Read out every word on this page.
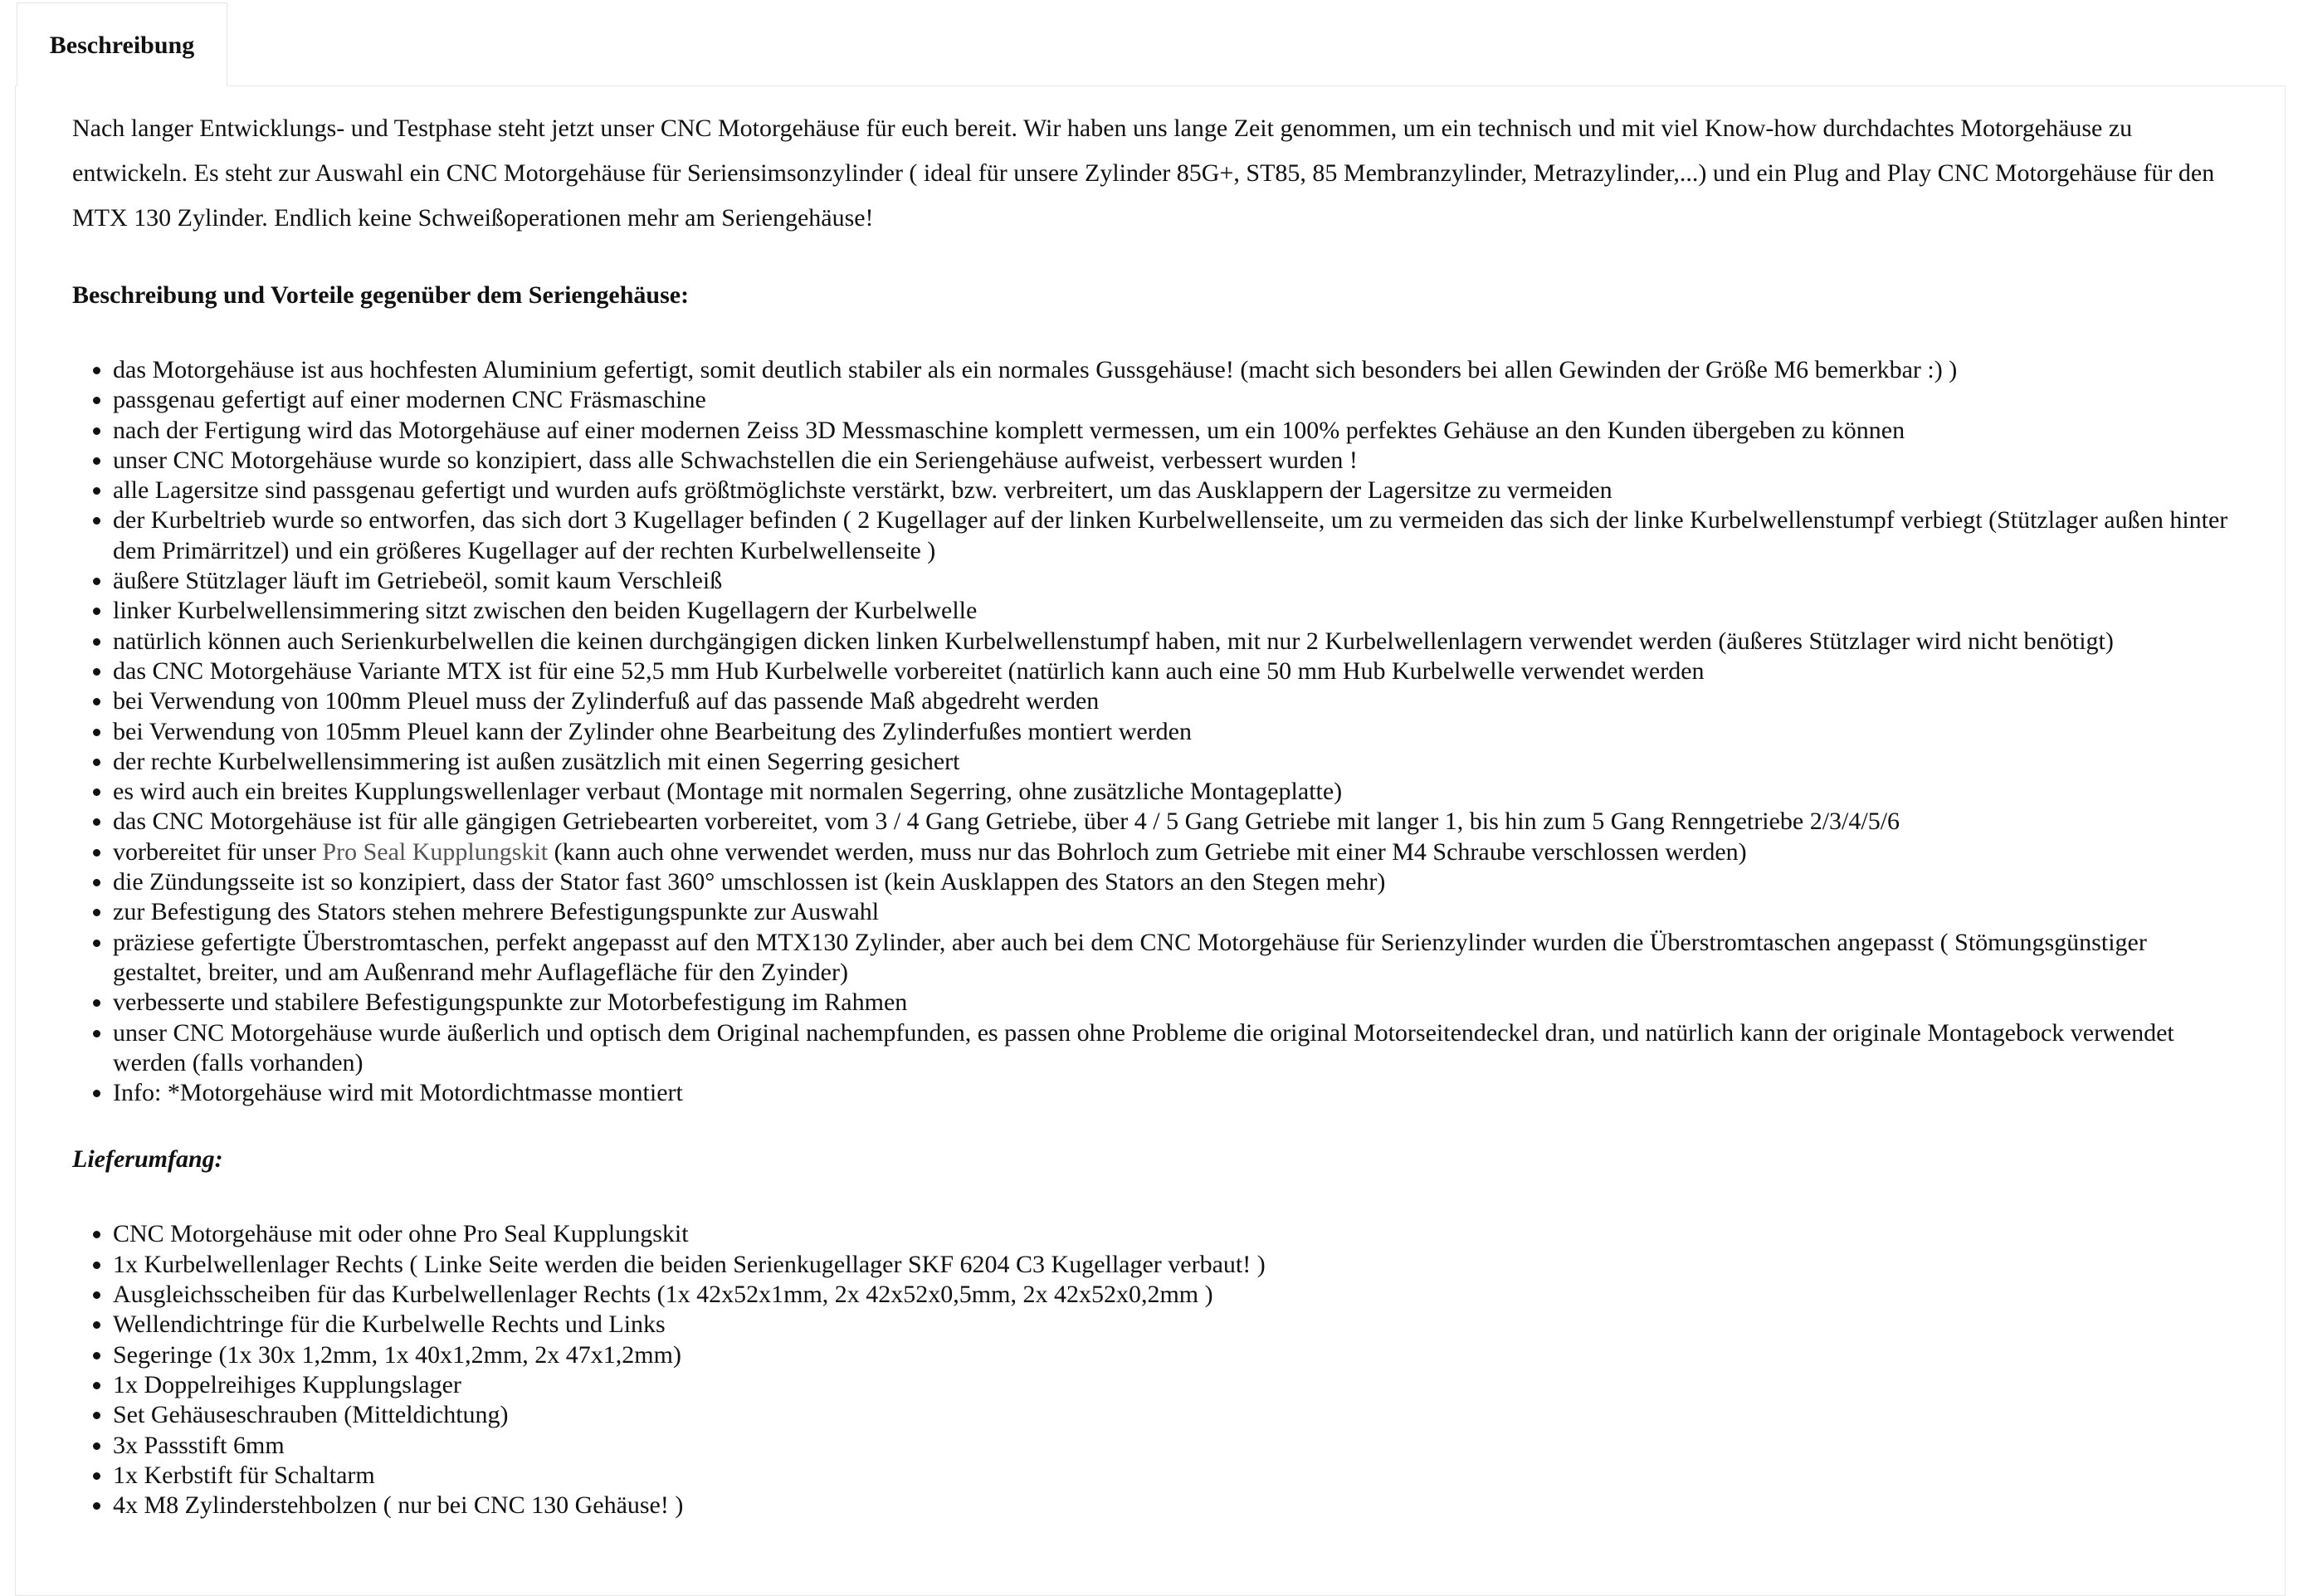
Beschreibung

Nach langer Entwicklungs- und Testphase steht jetzt unser CNC Motorgehäuse für euch bereit. Wir haben uns lange Zeit genommen, um ein technisch und mit viel Know-how durchdachtes Motorgehäuse zu entwickeln. Es steht zur Auswahl ein CNC Motorgehäuse für Seriensimsonzylinder ( ideal für unsere Zylinder 85G+, ST85, 85 Membranzylinder, Metrazylinder,...) und ein Plug and Play CNC Motorgehäuse für den MTX 130 Zylinder. Endlich keine Schweißoperationen mehr am Seriengehäuse!

Beschreibung und Vorteile gegenüber dem Seriengehäuse:

• das Motorgehäuse ist aus hochfesten Aluminium gefertigt, somit deutlich stabiler als ein normales Gussgehäuse! (macht sich besonders bei allen Gewinden der Größe M6 bemerkbar :) )
• passgenau gefertigt auf einer modernen CNC Fräsmaschine
• nach der Fertigung wird das Motorgehäuse auf einer modernen Zeiss 3D Messmaschine komplett vermessen, um ein 100% perfektes Gehäuse an den Kunden übergeben zu können
• unser CNC Motorgehäuse wurde so konzipiert, dass alle Schwachstellen die ein Seriengehäuse aufweist, verbessert wurden !
• alle Lagersitze sind passgenau gefertigt und wurden aufs größtmöglichste verstärkt, bzw. verbreitert, um das Ausklappern der Lagersitze zu vermeiden
• der Kurbeltrieb wurde so entworfen, das sich dort 3 Kugellager befinden ( 2 Kugellager auf der linken Kurbelwellenseite, um zu vermeiden das sich der linke Kurbelwellenstumpf verbiegt (Stützlager außen hinter dem Primärritzel) und ein größeres Kugellager auf der rechten Kurbelwellenseite )
• äußere Stützlager läuft im Getriebeöl, somit kaum Verschleiß
• linker Kurbelwellensimmering sitzt zwischen den beiden Kugellagern der Kurbelwelle
• natürlich können auch Serienkurbelwellen die keinen durchgängigen dicken linken Kurbelwellenstumpf haben, mit nur 2 Kurbelwellenlagern verwendet werden (äußeres Stützlager wird nicht benötigt)
• das CNC Motorgehäuse Variante MTX ist für eine 52,5 mm Hub Kurbelwelle vorbereitet (natürlich kann auch eine 50 mm Hub Kurbelwelle verwendet werden
• bei Verwendung von 100mm Pleuel muss der Zylinderfuß auf das passende Maß abgedreht werden
• bei Verwendung von 105mm Pleuel kann der Zylinder ohne Bearbeitung des Zylinderfußes montiert werden
• der rechte Kurbelwellensimmering ist außen zusätzlich mit einen Segerring gesichert
• es wird auch ein breites Kupplungswellenlager verbaut (Montage mit normalen Segerring, ohne zusätzliche Montageplatte)
• das CNC Motorgehäuse ist für alle gängigen Getriebearten vorbereitet, vom 3 / 4 Gang Getriebe, über 4 / 5 Gang Getriebe mit langer 1, bis hin zum 5 Gang Renngetriebe 2/3/4/5/6
• vorbereitet für unser Pro Seal Kupplungskit (kann auch ohne verwendet werden, muss nur das Bohrloch zum Getriebe mit einer M4 Schraube verschlossen werden)
• die Zündungsseite ist so konzipiert, dass der Stator fast 360° umschlossen ist (kein Ausklappen des Stators an den Stegen mehr)
• zur Befestigung des Stators stehen mehrere Befestigungspunkte zur Auswahl
• präziese gefertigte Überstromtaschen, perfekt angepasst auf den MTX130 Zylinder, aber auch bei dem CNC Motorgehäuse für Serienzylinder wurden die Überstromtaschen angepasst ( Stömungsgünstiger gestaltet, breiter, und am Außenrand mehr Auflagefläche für den Zyinder)
• verbesserte und stabilere Befestigungspunkte zur Motorbefestigung im Rahmen
• unser CNC Motorgehäuse wurde äußerlich und optisch dem Original nachempfunden, es passen ohne Probleme die original Motorseitendeckel dran, und natürlich kann der originale Montagebock verwendet werden (falls vorhanden)
• Info: *Motorgehäuse wird mit Motordichtmasse montiert

Lieferumfang:

• CNC Motorgehäuse mit oder ohne Pro Seal Kupplungskit
• 1x Kurbelwellenlager Rechts ( Linke Seite werden die beiden Serienkugellager SKF 6204 C3 Kugellager verbaut! )
• Ausgleichsscheiben für das Kurbelwellenlager Rechts (1x 42x52x1mm, 2x 42x52x0,5mm, 2x 42x52x0,2mm )
• Wellendichtringe für die Kurbelwelle Rechts und Links
• Segeringe (1x 30x 1,2mm, 1x 40x1,2mm, 2x 47x1,2mm)
• 1x Doppelreihiges Kupplungslager
• Set Gehäuseschrauben (Mitteldichtung)
• 3x Passstift 6mm
• 1x Kerbstift für Schaltarm
• 4x M8 Zylinderstehbolzen ( nur bei CNC 130 Gehäuse! )
